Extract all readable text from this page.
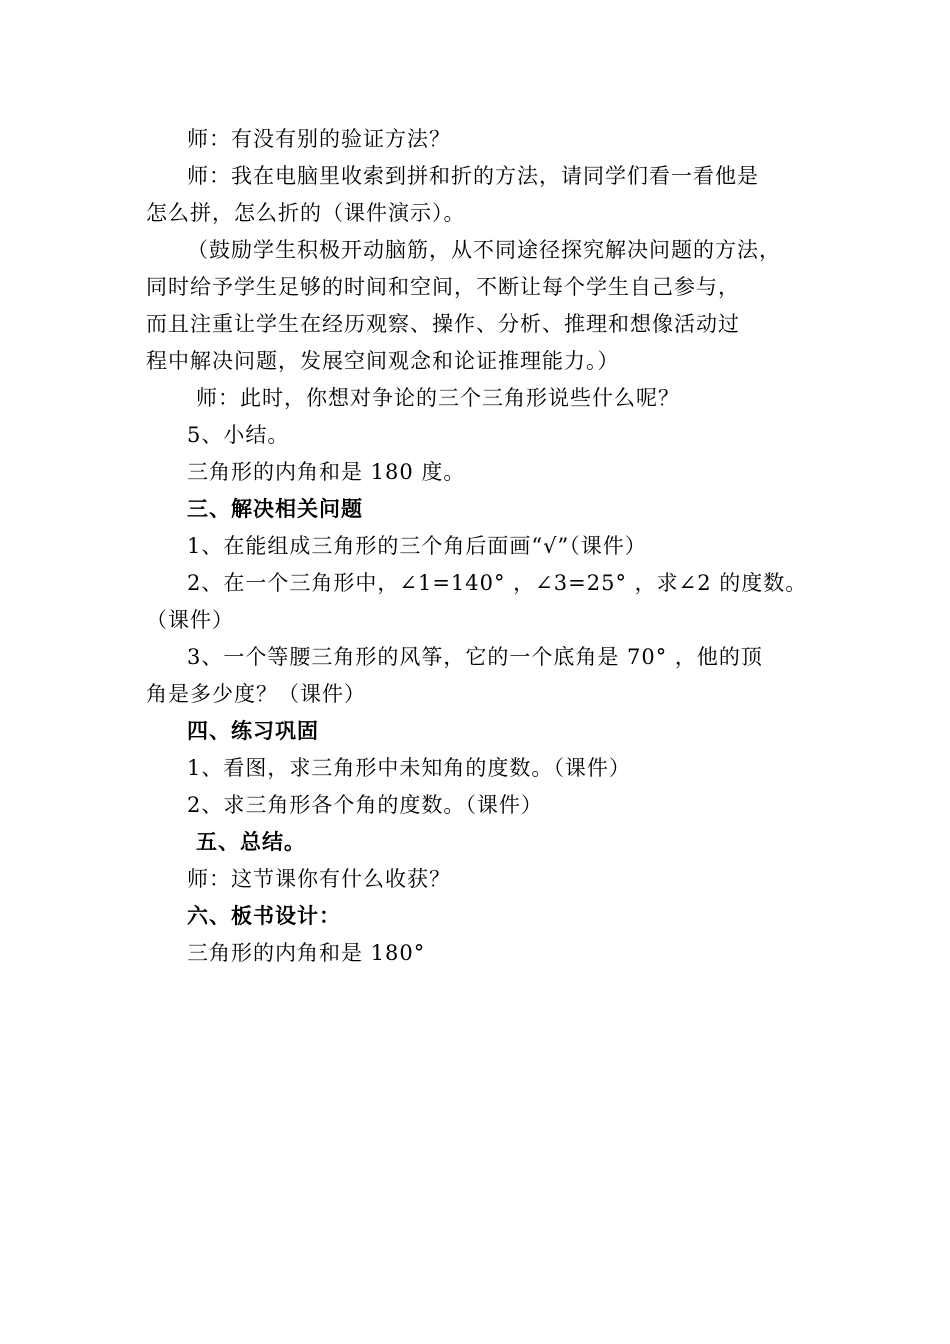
师：有没有别的验证方法？
师：我在电脑里收索到拼和折的方法，请同学们看一看他是
怎么拼，怎么折的（课件演示）。
（鼓励学生积极开动脑筋，从不同途径探究解决问题的方法，
同时给予学生足够的时间和空间，不断让每个学生自己参与，
而且注重让学生在经历观察、操作、分析、推理和想像活动过
程中解决问题，发展空间观念和论证推理能力。）
师：此时，你想对争论的三个三角形说些什么呢？
5、小结。
三角形的内角和是 180 度。
三、解决相关问题
1、在能组成三角形的三个角后面画“√”（课件）
2、在一个三角形中，∠1=140° ，∠3=25° ，求∠2 的度数。
（课件）
3、一个等腰三角形的风筝，它的一个底角是 70° ，他的顶
角是多少度？（课件）
四、练习巩固
1、看图，求三角形中未知角的度数。（课件）
2、求三角形各个角的度数。（课件）
五、总结。
师：这节课你有什么收获？
六、板书设计：
三角形的内角和是 180°
